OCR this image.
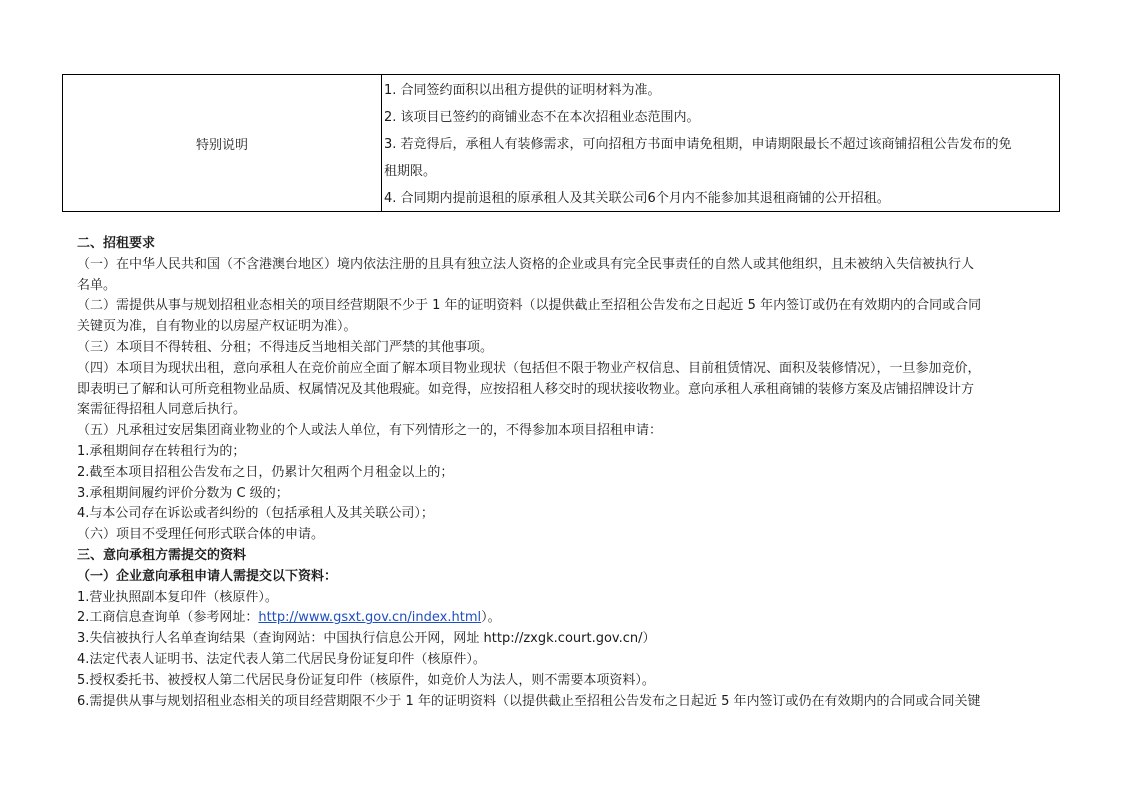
特别说明

1. 合同签约面积以出租方提供的证明材料为准。

2. 该项目已签约的商铺业态不在本次招租业态范围内。

3. 若竞得后，承租人有装修需求，可向招租方书面申请免租期，申请期限最长不超过该商铺招租公告发布的免

租期限。

4. 合同期内提前退租的原承租人及其关联公司6个月内不能参加其退租商铺的公开招租。

二、招租要求

（一）在中华人民共和国（不含港澳台地区）境内依法注册的且具有独立法人资格的企业或具有完全民事责任的自然人或其他组织，且未被纳入失信被执行人

名单。

（二）需提供从事与规划招租业态相关的项目经营期限不少于 1 年的证明资料（以提供截止至招租公告发布之日起近 5 年内签订或仍在有效期内的合同或合同

关键页为准，自有物业的以房屋产权证明为准）。

（三）本项目不得转租、分租；不得违反当地相关部门严禁的其他事项。

（四）本项目为现状出租，意向承租人在竞价前应全面了解本项目物业现状（包括但不限于物业产权信息、目前租赁情况、面积及装修情况），一旦参加竞价，

即表明已了解和认可所竞租物业品质、权属情况及其他瑕疵。如竞得，应按招租人移交时的现状接收物业。意向承租人承租商铺的装修方案及店铺招牌设计方

案需征得招租人同意后执行。

（五）凡承租过安居集团商业物业的个人或法人单位，有下列情形之一的，不得参加本项目招租申请：

1.承租期间存在转租行为的；

2.截至本项目招租公告发布之日，仍累计欠租两个月租金以上的；

3.承租期间履约评价分数为 C 级的；

4.与本公司存在诉讼或者纠纷的（包括承租人及其关联公司）；

（六）项目不受理任何形式联合体的申请。

三、意向承租方需提交的资料

（一）企业意向承租申请人需提交以下资料：

1.营业执照副本复印件（核原件）。

2.工商信息查询单（参考网址：http://www.gsxt.gov.cn/index.html）。

3.失信被执行人名单查询结果（查询网站：中国执行信息公开网，网址 http://zxgk.court.gov.cn/）

4.法定代表人证明书、法定代表人第二代居民身份证复印件（核原件）。

5.授权委托书、被授权人第二代居民身份证复印件（核原件，如竞价人为法人，则不需要本项资料）。

6.需提供从事与规划招租业态相关的项目经营期限不少于 1 年的证明资料（以提供截止至招租公告发布之日起近 5 年内签订或仍在有效期内的合同或合同关键
